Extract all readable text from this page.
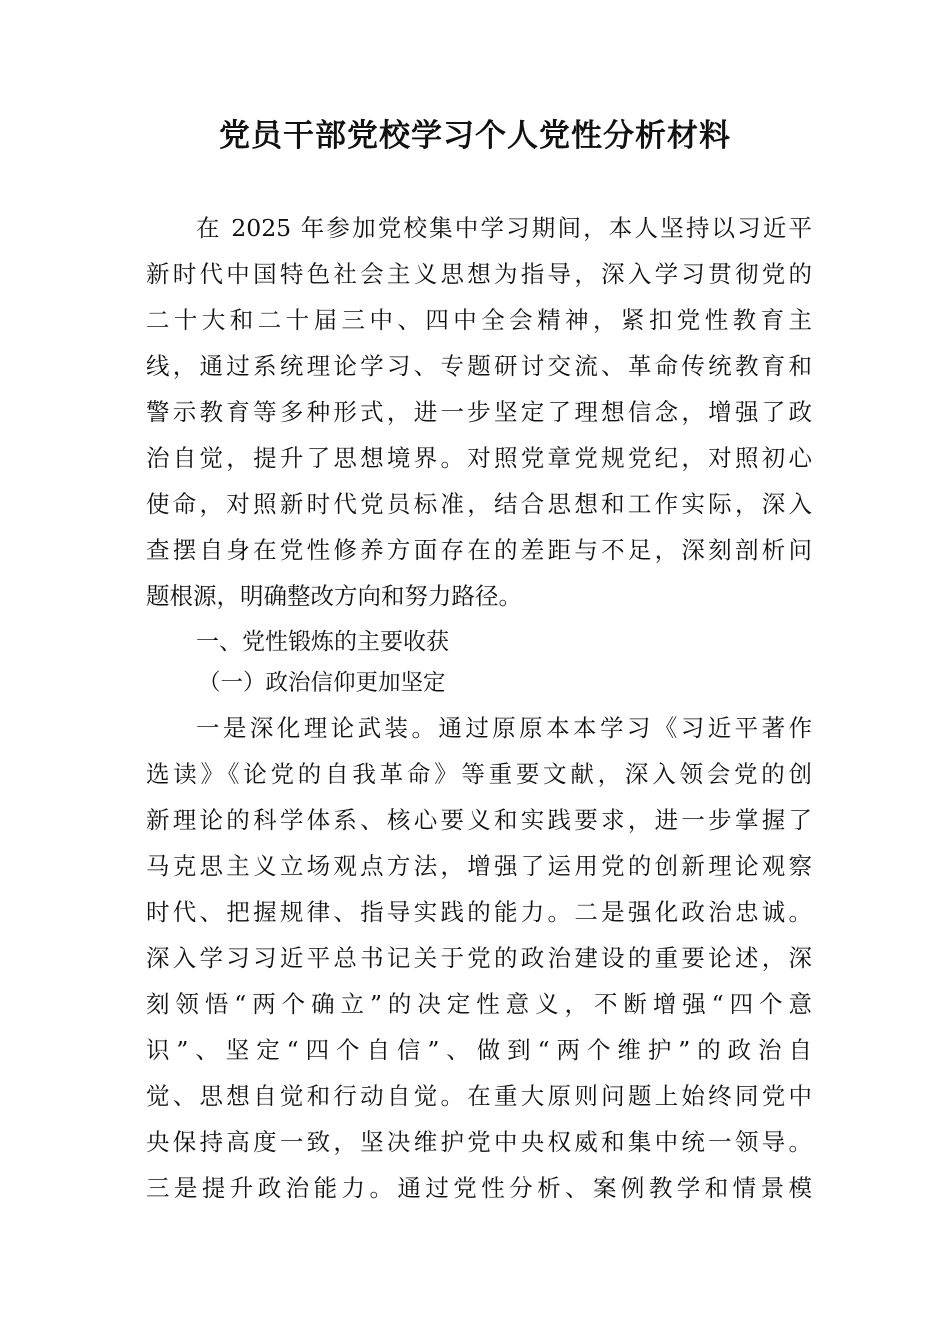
党员干部党校学习个人党性分析材料
在 2025 年参加党校集中学习期间，本人坚持以习近平
新时代中国特色社会主义思想为指导，深入学习贯彻党的
二十大和二十届三中、四中全会精神，紧扣党性教育主
线，通过系统理论学习、专题研讨交流、革命传统教育和
警示教育等多种形式，进一步坚定了理想信念，增强了政
治自觉，提升了思想境界。对照党章党规党纪，对照初心
使命，对照新时代党员标准，结合思想和工作实际，深入
查摆自身在党性修养方面存在的差距与不足，深刻剖析问
题根源，明确整改方向和努力路径。
一、党性锻炼的主要收获
（一）政治信仰更加坚定
一是深化理论武装。通过原原本本学习《习近平著作
选读》《论党的自我革命》等重要文献，深入领会党的创
新理论的科学体系、核心要义和实践要求，进一步掌握了
马克思主义立场观点方法，增强了运用党的创新理论观察
时代、把握规律、指导实践的能力。二是强化政治忠诚。
深入学习习近平总书记关于党的政治建设的重要论述，深
刻领悟“两个确立”的决定性意义，不断增强“四个意
识”、坚定“四个自信”、做到“两个维护”的政治自
觉、思想自觉和行动自觉。在重大原则问题上始终同党中
央保持高度一致，坚决维护党中央权威和集中统一领导。
三是提升政治能力。通过党性分析、案例教学和情景模
